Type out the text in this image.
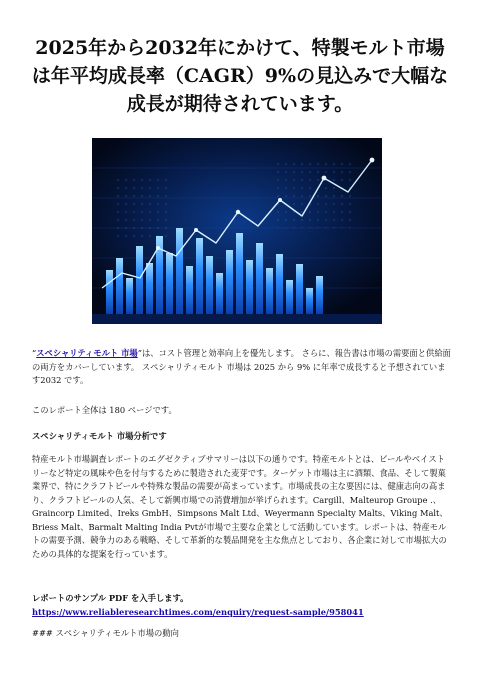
2025年から2032年にかけて、特製モルト市場は年平均成長率（CAGR）9%の見込みで大幅な成長が期待されています。

“スペシャリティモルト 市場”は、コスト管理と効率向上を優先します。 さらに、報告書は市場の需要面と供給面の両方をカバーしています。 スペシャリティモルト 市場は 2025 から 9% に年率で成長すると予想されています2032 です。

このレポート全体は 180 ページです。

スペシャリティモルト 市場分析です

特産モルト市場調査レポートのエグゼクティブサマリーは以下の通りです。特産モルトとは、ビールやベイストリーなど特定の風味や色を付与するために製造された麦芽です。ターゲット市場は主に酒類、食品、そして製菓業界で、特にクラフトビールや特殊な製品の需要が高まっています。市場成長の主な要因には、健康志向の高まり、クラフトビールの人気、そして新興市場での消費増加が挙げられます。Cargill、Malteurop Groupe .、Graincorp Limited、Ireks GmbH、Simpsons Malt Ltd、Weyermann Specialty Malts、Viking Malt、Briess Malt、Barmalt Malting India Pvtが市場で主要な企業として活動しています。レポートは、特産モルトの需要予測、競争力のある戦略、そして革新的な製品開発を主な焦点としており、各企業に対して市場拡大のための具体的な提案を行っています。

レポートのサンプル PDF を入手します。 https://www.reliableresearchtimes.com/enquiry/request-sample/958041

### スペシャリティモルト市場の動向
